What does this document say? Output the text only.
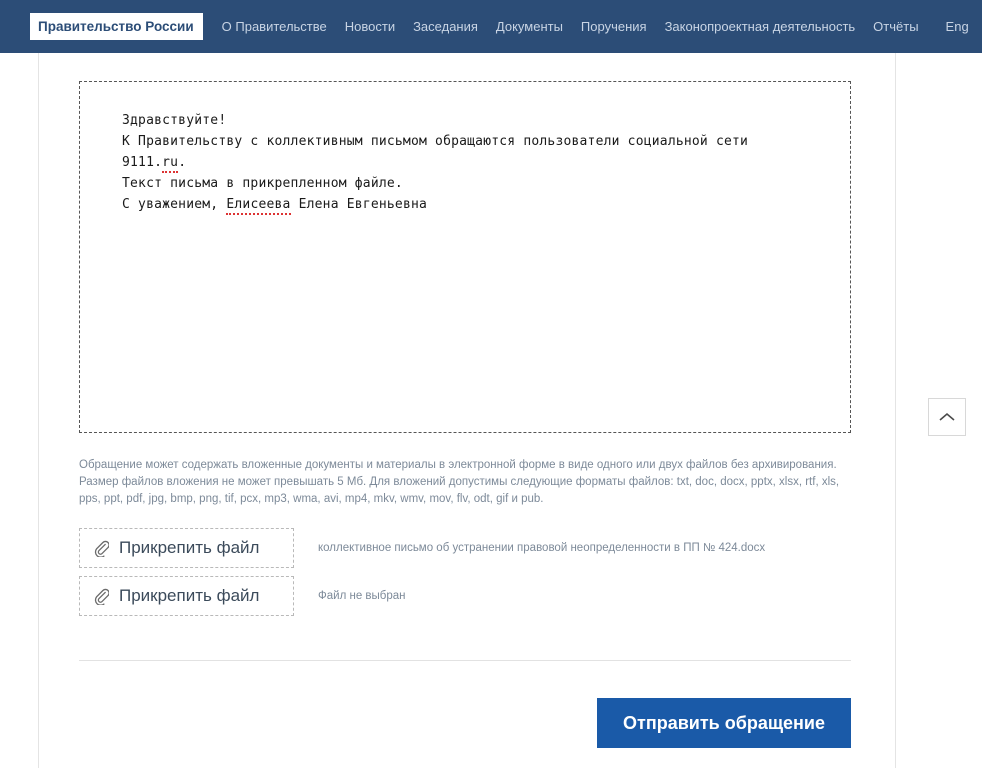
Правительство России	О Правительстве Новости Заседания Документы Поручения Законопроектная деятельность Отчёты Eng
Здравствуйте!
К Правительству с коллективным письмом обращаются пользователи социальной сети
9111.ru.
Текст письма в прикрепленном файле.
С уважением, Елисеева Елена Евгеньевна
Обращение может содержать вложенные документы и материалы в электронной форме в виде одного или двух файлов без архивирования. Размер файлов вложения не может превышать 5 Мб. Для вложений допустимы следующие форматы файлов: txt, doc, docx, pptx, xlsx, rtf, xls, pps, ppt, pdf, jpg, bmp, png, tif, pcx, mp3, wma, avi, mp4, mkv, wmv, mov, flv, odt, gif и pub.
Прикрепить файл	коллективное письмо об устранении правовой неопределенности в ПП № 424.docx
Прикрепить файл	Файл не выбран
Отправить обращение
